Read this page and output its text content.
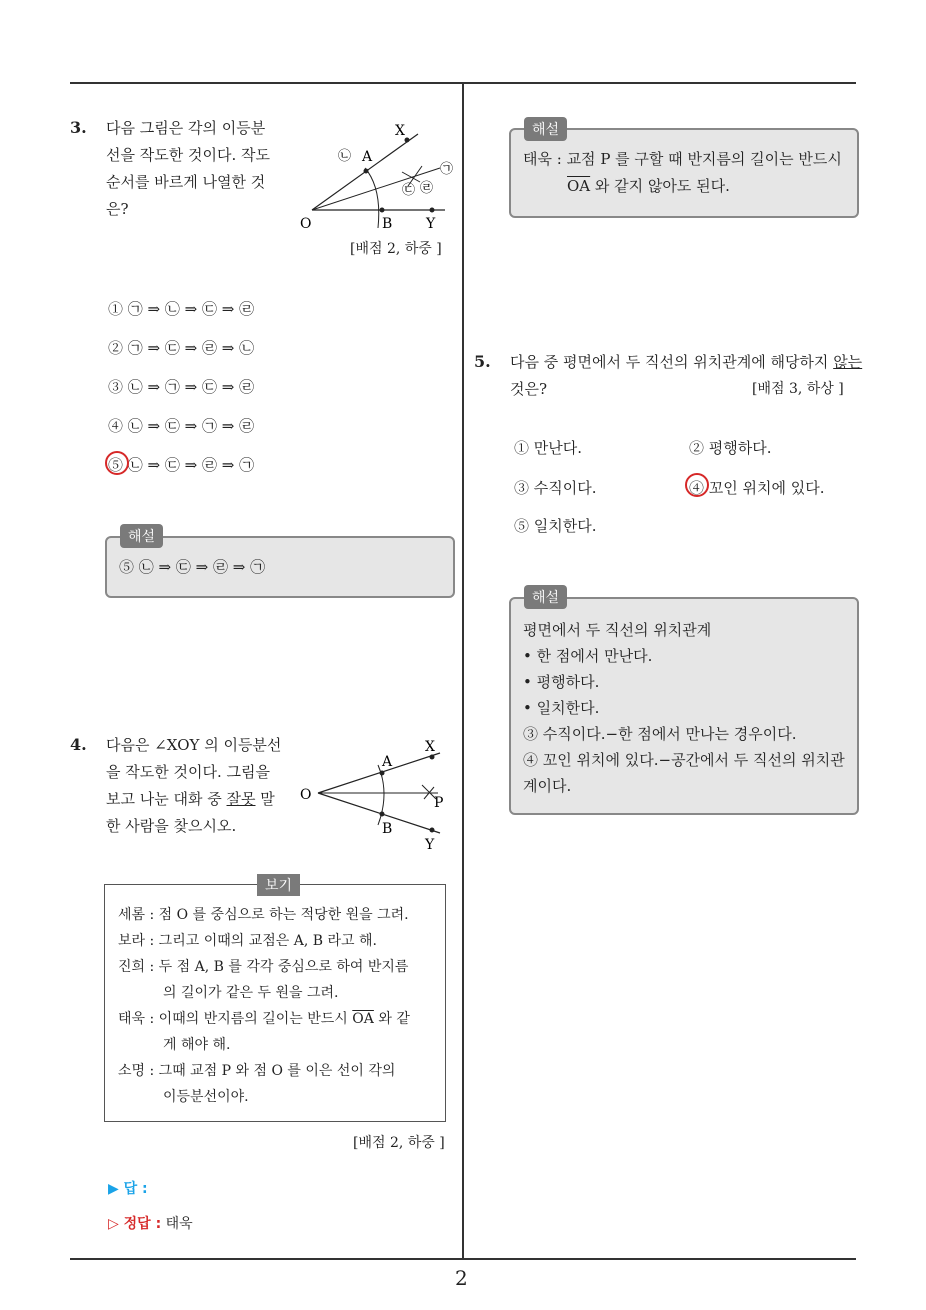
2
3. 다음 그림은 각의 이등분
선을 작도한 것이다. 작도
순서를 바르게 나열한 것
은?
X
A
O	B Y
㉡
㉠
㉢ ㉣
[배점 2, 하중 ]
① ㉠ ⇒ ㉡ ⇒ ㉢ ⇒ ㉣
② ㉠ ⇒ ㉢ ⇒ ㉣ ⇒ ㉡
③ ㉡ ⇒ ㉠ ⇒ ㉢ ⇒ ㉣
④ ㉡ ⇒ ㉢ ⇒ ㉠ ⇒ ㉣
⑤ ㉡ ⇒ ㉢ ⇒ ㉣ ⇒ ㉠
⑤ ㉡ ⇒ ㉢ ⇒ ㉣ ⇒ ㉠
해설
4. 다음은 ∠XOY 의 이등분선
을 작도한 것이다. 그림을
보고 나눈 대화 중 잘못 말
한 사람을 찾으시오.
X
A
O	P
B
Y
보기
세롬 : 점 O 를 중심으로 하는 적당한 원을 그려.
보라 : 그리고 이때의 교점은 A, B 라고 해.
진희 : 두 점 A, B 를 각각 중심으로 하여 반지름
의 길이가 같은 두 원을 그려.
태욱 : 이때의 반지름의 길이는 반드시 $\overline{OA}$ 와 같
게 해야 해.
소명 : 그때 교점 P 와 점 O 를 이은 선이 각의
이등분선이야.
[배점 2, 하중 ]
▶ 답 :
▷ 정답 : 태욱
태욱 : 교점 P 를 구할 때 반지름의 길이는 반드시
$\overline{OA}$ 와 같지 않아도 된다.
해설
5. 다음 중 평면에서 두 직선의 위치관계에 해당하지 않는
것은?	[배점 3, 하상 ]
① 만난다.	② 평행하다.
③ 수직이다.	④ 꼬인 위치에 있다.
⑤ 일치한다.
평면에서 두 직선의 위치관계
• 한 점에서 만난다.
• 평행하다.
• 일치한다.
③ 수직이다.−한 점에서 만나는 경우이다.
④ 꼬인 위치에 있다.−공간에서 두 직선의 위치관
계이다.
해설
